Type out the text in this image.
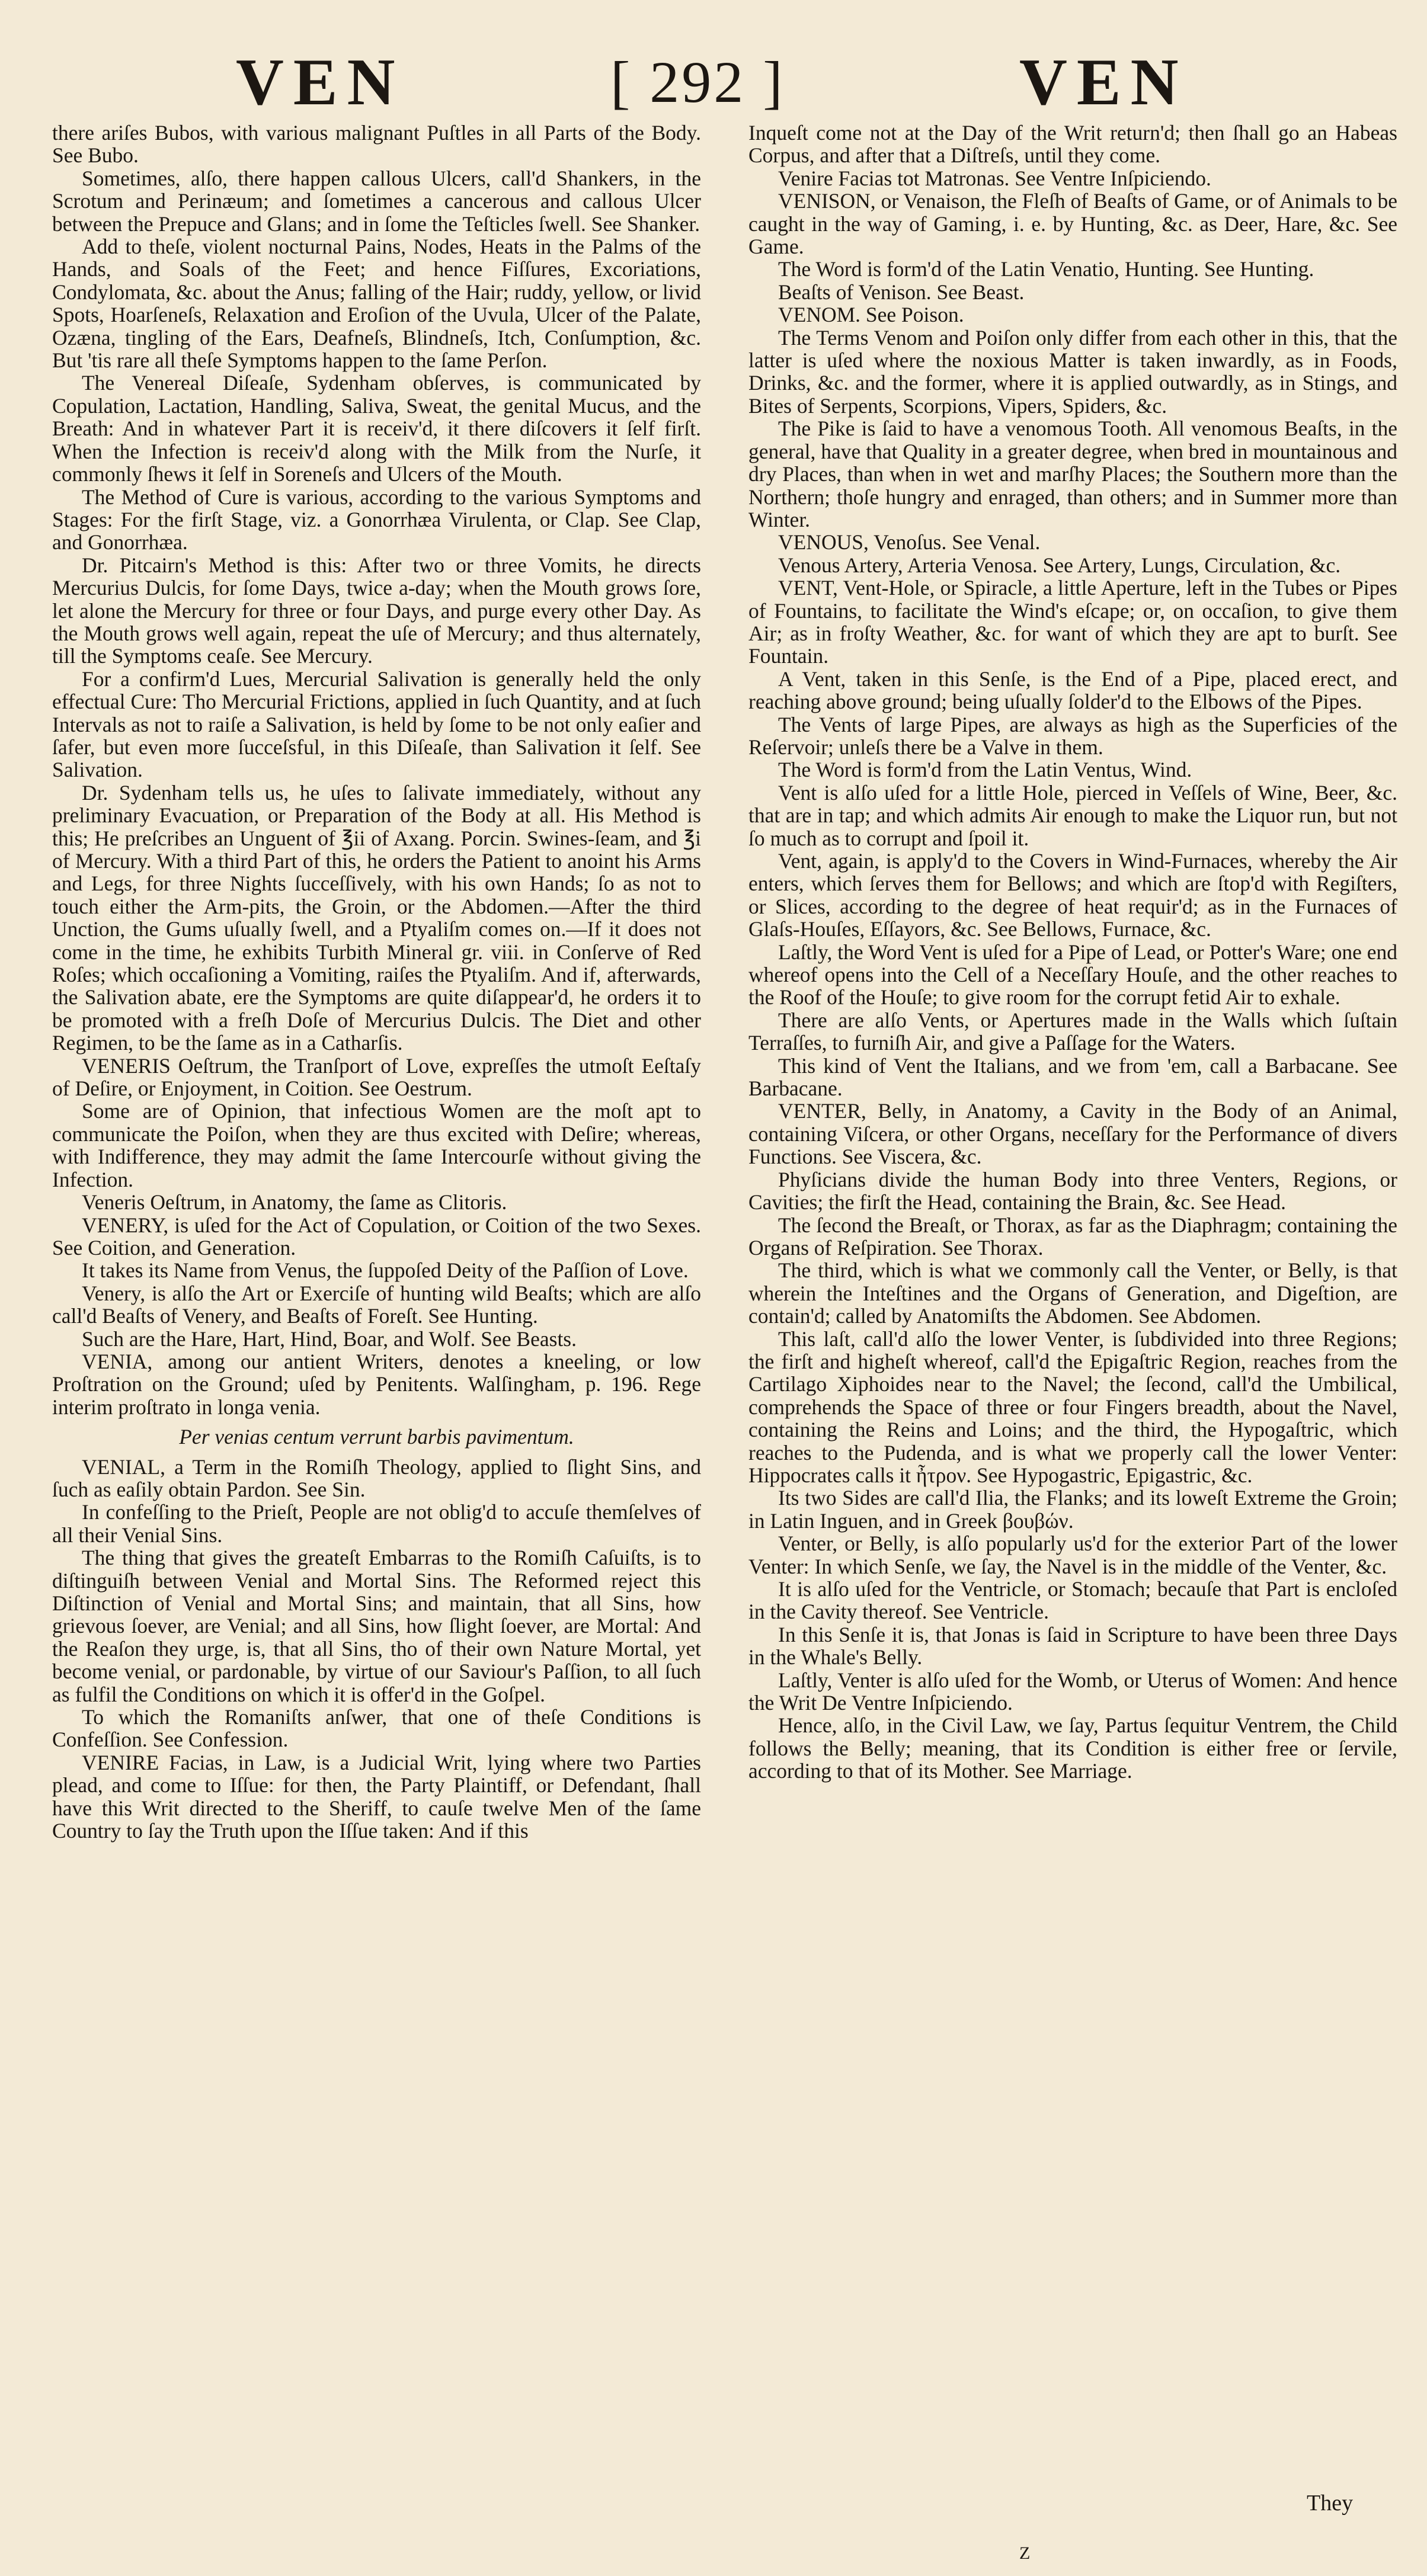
VEN	[ 292 ]	VEN

there ariſes Bubos, with various malignant Puſtles in all Parts of the Body. See Bubo.

Sometimes, alſo, there happen callous Ulcers, call'd Shankers, in the Scrotum and Perinæum; and ſometimes a cancerous and callous Ulcer between the Prepuce and Glans; and in ſome the Teſticles ſwell. See Shanker.

Add to theſe, violent nocturnal Pains, Nodes, Heats in the Palms of the Hands, and Soals of the Feet; and hence Fiſſures, Excoriations, Condylomata, &c. about the Anus; falling of the Hair; ruddy, yellow, or livid Spots, Hoarſeneſs, Relaxation and Eroſion of the Uvula, Ulcer of the Palate, Ozæna, tingling of the Ears, Deafneſs, Blindneſs, Itch, Conſumption, &c. But 'tis rare all theſe Symptoms happen to the ſame Perſon.

The Venereal Diſeaſe, Sydenham obſerves, is communicated by Copulation, Lactation, Handling, Saliva, Sweat, the genital Mucus, and the Breath: And in whatever Part it is receiv'd, it there diſcovers it ſelf firſt. When the Infection is receiv'd along with the Milk from the Nurſe, it commonly ſhews it ſelf in Soreneſs and Ulcers of the Mouth.

The Method of Cure is various, according to the various Symptoms and Stages: For the firſt Stage, viz. a Gonorrhæa Virulenta, or Clap. See Clap, and Gonorrhæa.

Dr. Pitcairn's Method is this: After two or three Vomits, he directs Mercurius Dulcis, for ſome Days, twice a-day; when the Mouth grows ſore, let alone the Mercury for three or four Days, and purge every other Day. As the Mouth grows well again, repeat the uſe of Mercury; and thus alternately, till the Symptoms ceaſe. See Mercury.

For a confirm'd Lues, Mercurial Salivation is generally held the only effectual Cure: Tho Mercurial Frictions, applied in ſuch Quantity, and at ſuch Intervals as not to raiſe a Salivation, is held by ſome to be not only eaſier and ſafer, but even more ſucceſsful, in this Diſeaſe, than Salivation it ſelf. See Salivation.

Dr. Sydenham tells us, he uſes to ſalivate immediately, without any preliminary Evacuation, or Preparation of the Body at all. His Method is this; He preſcribes an Unguent of ℥ii of Axang. Porcin. Swines-ſeam, and ℥i of Mercury. With a third Part of this, he orders the Patient to anoint his Arms and Legs, for three Nights ſucceſſively, with his own Hands; ſo as not to touch either the Arm-pits, the Groin, or the Abdomen.—After the third Unction, the Gums uſually ſwell, and a Ptyaliſm comes on.—If it does not come in the time, he exhibits Turbith Mineral gr. viii. in Conſerve of Red Roſes; which occaſioning a Vomiting, raiſes the Ptyaliſm. And if, afterwards, the Salivation abate, ere the Symptoms are quite diſappear'd, he orders it to be promoted with a freſh Doſe of Mercurius Dulcis. The Diet and other Regimen, to be the ſame as in a Catharſis.

VENERIS Oeſtrum, the Tranſport of Love, expreſſes the utmoſt Eeſtaſy of Deſire, or Enjoyment, in Coition. See Oestrum.

Some are of Opinion, that infectious Women are the moſt apt to communicate the Poiſon, when they are thus excited with Deſire; whereas, with Indifference, they may admit the ſame Intercourſe without giving the Infection.

Veneris Oeſtrum, in Anatomy, the ſame as Clitoris.

VENERY, is uſed for the Act of Copulation, or Coition of the two Sexes. See Coition, and Generation.

It takes its Name from Venus, the ſuppoſed Deity of the Paſſion of Love.

Venery, is alſo the Art or Exerciſe of hunting wild Beaſts; which are alſo call'd Beaſts of Venery, and Beaſts of Foreſt. See Hunting.

Such are the Hare, Hart, Hind, Boar, and Wolf. See Beasts.

VENIA, among our antient Writers, denotes a kneeling, or low Proſtration on the Ground; uſed by Penitents. Walſingham, p. 196. Rege interim proſtrato in longa venia.

Per venias centum verrunt barbis pavimentum.

VENIAL, a Term in the Romiſh Theology, applied to ſlight Sins, and ſuch as eaſily obtain Pardon. See Sin.

In confeſſing to the Prieſt, People are not oblig'd to accuſe themſelves of all their Venial Sins.

The thing that gives the greateſt Embarras to the Romiſh Caſuiſts, is to diſtinguiſh between Venial and Mortal Sins. The Reformed reject this Diſtinction of Venial and Mortal Sins; and maintain, that all Sins, how grievous ſoever, are Venial; and all Sins, how ſlight ſoever, are Mortal: And the Reaſon they urge, is, that all Sins, tho of their own Nature Mortal, yet become venial, or pardonable, by virtue of our Saviour's Paſſion, to all ſuch as fulfil the Conditions on which it is offer'd in the Goſpel.

To which the Romaniſts anſwer, that one of theſe Conditions is Confeſſion. See Confession.

VENIRE Facias, in Law, is a Judicial Writ, lying where two Parties plead, and come to Iſſue: for then, the Party Plaintiff, or Defendant, ſhall have this Writ directed to the Sheriff, to cauſe twelve Men of the ſame Country to ſay the Truth upon the Iſſue taken: And if this

Inqueſt come not at the Day of the Writ return'd; then ſhall go an Habeas Corpus, and after that a Diſtreſs, until they come.

Venire Facias tot Matronas. See Ventre Inſpiciendo.

VENISON, or Venaison, the Fleſh of Beaſts of Game, or of Animals to be caught in the way of Gaming, i. e. by Hunting, &c. as Deer, Hare, &c. See Game.

The Word is form'd of the Latin Venatio, Hunting. See Hunting.

Beaſts of Venison. See Beast.

VENOM. See Poison.

The Terms Venom and Poiſon only differ from each other in this, that the latter is uſed where the noxious Matter is taken inwardly, as in Foods, Drinks, &c. and the former, where it is applied outwardly, as in Stings, and Bites of Serpents, Scorpions, Vipers, Spiders, &c.

The Pike is ſaid to have a venomous Tooth. All venomous Beaſts, in the general, have that Quality in a greater degree, when bred in mountainous and dry Places, than when in wet and marſhy Places; the Southern more than the Northern; thoſe hungry and enraged, than others; and in Summer more than Winter.

VENOUS, Venoſus. See Venal.

Venous Artery, Arteria Venosa. See Artery, Lungs, Circulation, &c.

VENT, Vent-Hole, or Spiracle, a little Aperture, left in the Tubes or Pipes of Fountains, to facilitate the Wind's eſcape; or, on occaſion, to give them Air; as in froſty Weather, &c. for want of which they are apt to burſt. See Fountain.

A Vent, taken in this Senſe, is the End of a Pipe, placed erect, and reaching above ground; being uſually ſolder'd to the Elbows of the Pipes.

The Vents of large Pipes, are always as high as the Superficies of the Reſervoir; unleſs there be a Valve in them.

The Word is form'd from the Latin Ventus, Wind.

Vent is alſo uſed for a little Hole, pierced in Veſſels of Wine, Beer, &c. that are in tap; and which admits Air enough to make the Liquor run, but not ſo much as to corrupt and ſpoil it.

Vent, again, is apply'd to the Covers in Wind-Furnaces, whereby the Air enters, which ſerves them for Bellows; and which are ſtop'd with Regiſters, or Slices, according to the degree of heat requir'd; as in the Furnaces of Glaſs-Houſes, Eſſayors, &c. See Bellows, Furnace, &c.

Laſtly, the Word Vent is uſed for a Pipe of Lead, or Potter's Ware; one end whereof opens into the Cell of a Neceſſary Houſe, and the other reaches to the Roof of the Houſe; to give room for the corrupt fetid Air to exhale.

There are alſo Vents, or Apertures made in the Walls which ſuſtain Terraſſes, to furniſh Air, and give a Paſſage for the Waters.

This kind of Vent the Italians, and we from 'em, call a Barbacane. See Barbacane.

VENTER, Belly, in Anatomy, a Cavity in the Body of an Animal, containing Viſcera, or other Organs, neceſſary for the Performance of divers Functions. See Viscera, &c.

Phyſicians divide the human Body into three Venters, Regions, or Cavities; the firſt the Head, containing the Brain, &c. See Head.

The ſecond the Breaſt, or Thorax, as far as the Diaphragm; containing the Organs of Reſpiration. See Thorax.

The third, which is what we commonly call the Venter, or Belly, is that wherein the Inteſtines and the Organs of Generation, and Digeſtion, are contain'd; called by Anatomiſts the Abdomen. See Abdomen.

This laſt, call'd alſo the lower Venter, is ſubdivided into three Regions; the firſt and higheſt whereof, call'd the Epigaſtric Region, reaches from the Cartilago Xiphoides near to the Navel; the ſecond, call'd the Umbilical, comprehends the Space of three or four Fingers breadth, about the Navel, containing the Reins and Loins; and the third, the Hypogaſtric, which reaches to the Pudenda, and is what we properly call the lower Venter: Hippocrates calls it ἦτρον. See Hypogastric, Epigastric, &c.

Its two Sides are call'd Ilia, the Flanks; and its loweſt Extreme the Groin; in Latin Inguen, and in Greek βουβών.

Venter, or Belly, is alſo popularly us'd for the exterior Part of the lower Venter: In which Senſe, we ſay, the Navel is in the middle of the Venter, &c.

It is alſo uſed for the Ventricle, or Stomach; becauſe that Part is encloſed in the Cavity thereof. See Ventricle.

In this Senſe it is, that Jonas is ſaid in Scripture to have been three Days in the Whale's Belly.

Laſtly, Venter is alſo uſed for the Womb, or Uterus of Women: And hence the Writ De Ventre Inſpiciendo.

Hence, alſo, in the Civil Law, we ſay, Partus ſequitur Ventrem, the Child follows the Belly; meaning, that its Condition is either free or ſervile, according to that of its Mother. See Marriage.

They
Z
